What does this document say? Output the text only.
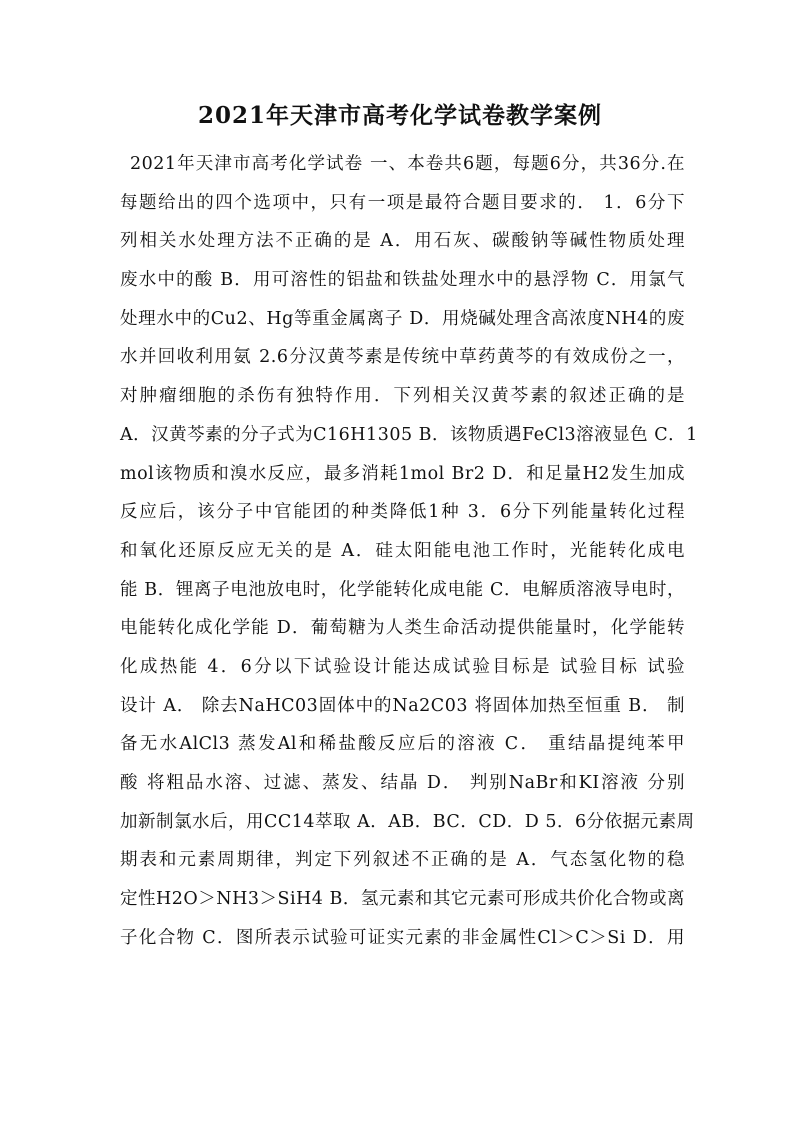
2021年天津市高考化学试卷教学案例
2021年天津市高考化学试卷 一、本卷共6题，每题6分，共36分.在
每题给出的四个选项中，只有一项是最符合题目要求的． 1．6分下
列相关水处理方法不正确的是 A．用石灰、碳酸钠等碱性物质处理
废水中的酸 B．用可溶性的铝盐和铁盐处理水中的悬浮物 C．用氯气
处理水中的Cu2、Hg等重金属离子 D．用烧碱处理含高浓度NH4的废
水并回收利用氨 2.6分汉黄芩素是传统中草药黄芩的有效成份之一，
对肿瘤细胞的杀伤有独特作用．下列相关汉黄芩素的叙述正确的是
A．汉黄芩素的分子式为C16H1305 B．该物质遇FeCl3溶液显色 C．1
mol该物质和溴水反应，最多消耗1mol Br2 D．和足量H2发生加成
反应后，该分子中官能团的种类降低1种 3．6分下列能量转化过程
和氧化还原反应无关的是 A．硅太阳能电池工作时，光能转化成电
能 B．锂离子电池放电时，化学能转化成电能 C．电解质溶液导电时，
电能转化成化学能 D．葡萄糖为人类生命活动提供能量时，化学能转
化成热能 4．6分以下试验设计能达成试验目标是 试验目标 试验
设计 A． 除去NaHC03固体中的Na2C03 将固体加热至恒重 B． 制
备无水AlCl3 蒸发Al和稀盐酸反应后的溶液 C． 重结晶提纯苯甲
酸 将粗品水溶、过滤、蒸发、结晶 D． 判别NaBr和KI溶液 分别
加新制氯水后，用CC14萃取 A．AB．BC．CD．D 5．6分依据元素周
期表和元素周期律，判定下列叙述不正确的是 A．气态氢化物的稳
定性H2O＞NH3＞SiH4 B．氢元素和其它元素可形成共价化合物或离
子化合物 C．图所表示试验可证实元素的非金属性Cl＞C＞Si D．用
